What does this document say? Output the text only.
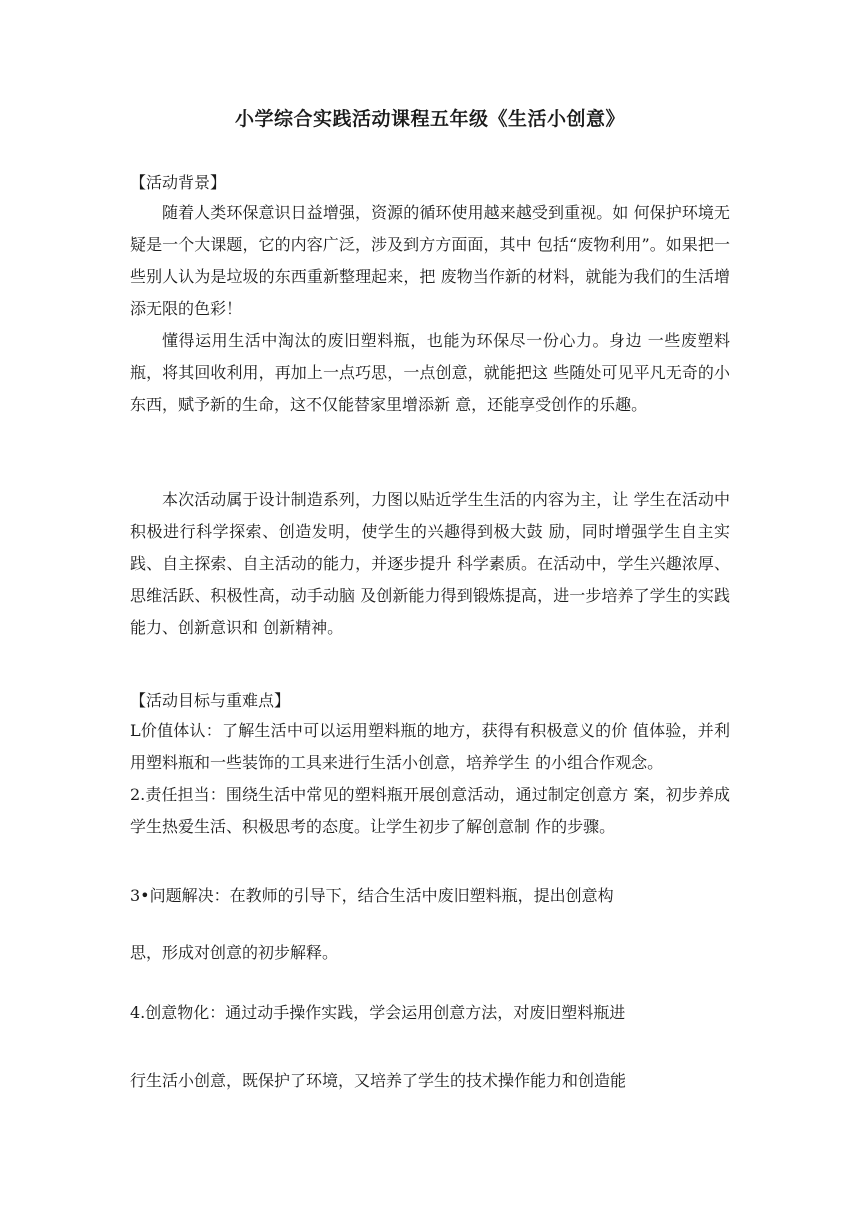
小学综合实践活动课程五年级《生活小创意》
【活动背景】
随着人类环保意识日益增强，资源的循环使用越来越受到重视。如 何保护环境无疑是一个大课题，它的内容广泛，涉及到方方面面，其中 包括“废物利用”。如果把一些别人认为是垃圾的东西重新整理起来，把 废物当作新的材料，就能为我们的生活增添无限的色彩！
懂得运用生活中淘汰的废旧塑料瓶，也能为环保尽一份心力。身边 一些废塑料瓶，将其回收利用，再加上一点巧思，一点创意，就能把这 些随处可见平凡无奇的小东西，赋予新的生命，这不仅能替家里增添新 意，还能享受创作的乐趣。
本次活动属于设计制造系列，力图以贴近学生生活的内容为主，让 学生在活动中积极进行科学探索、创造发明，使学生的兴趣得到极大鼓 励，同时增强学生自主实践、自主探索、自主活动的能力，并逐步提升 科学素质。在活动中，学生兴趣浓厚、思维活跃、积极性高，动手动脑 及创新能力得到锻炼提高，进一步培养了学生的实践能力、创新意识和 创新精神。
【活动目标与重难点】
L价值体认：了解生活中可以运用塑料瓶的地方，获得有积极意义的价 值体验，并利用塑料瓶和一些装饰的工具来进行生活小创意，培养学生 的小组合作观念。
2.责任担当：围绕生活中常见的塑料瓶开展创意活动，通过制定创意方 案，初步养成学生热爱生活、积极思考的态度。让学生初步了解创意制 作的步骤。
3•问题解决：在教师的引导下，结合生活中废旧塑料瓶，提出创意构
思，形成对创意的初步解释。
4.创意物化：通过动手操作实践，学会运用创意方法，对废旧塑料瓶进
行生活小创意，既保护了环境，又培养了学生的技术操作能力和创造能
